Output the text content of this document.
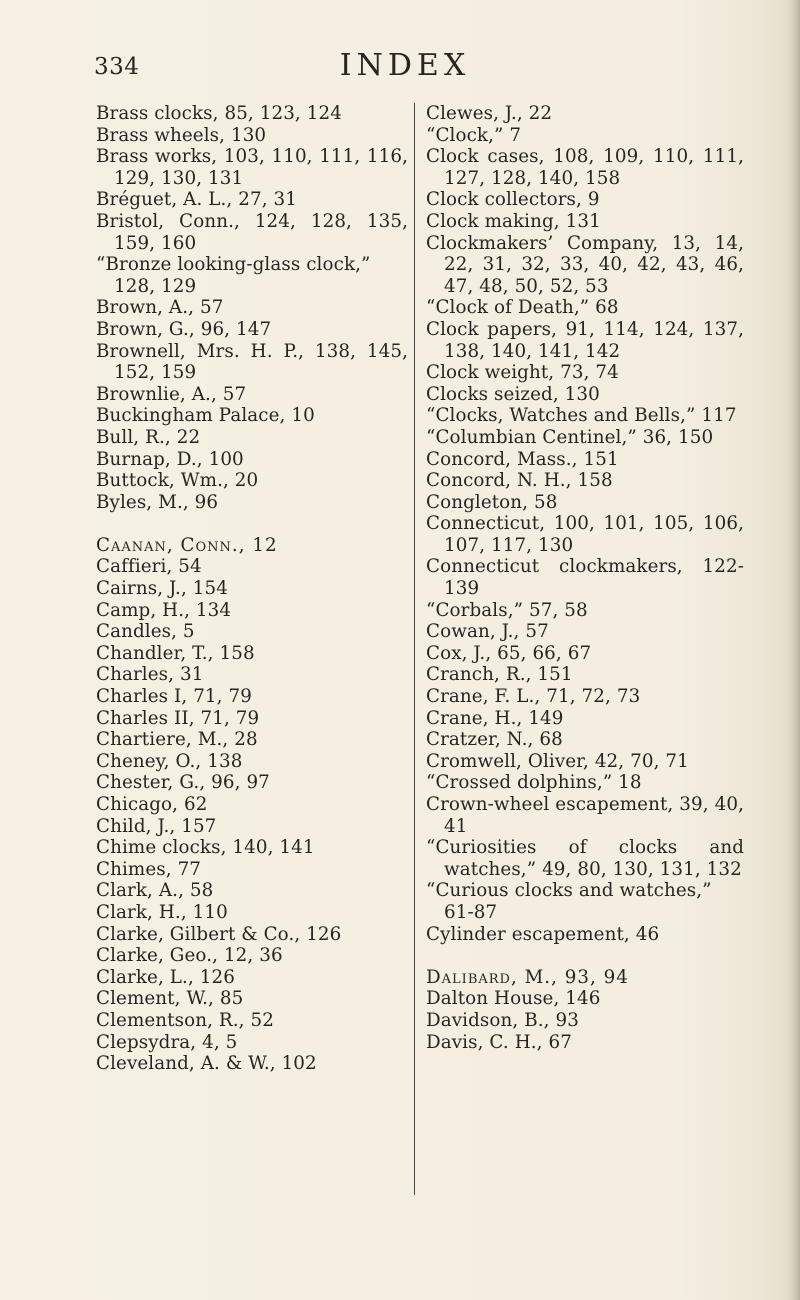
334	INDEX
Brass clocks, 85, 123, 124
Brass wheels, 130
Brass works, 103, 110, 111, 116, 129, 130, 131
Bréguet, A. L., 27, 31
Bristol, Conn., 124, 128, 135, 159, 160
“Bronze looking-glass clock,” 128, 129
Brown, A., 57
Brown, G., 96, 147
Brownell, Mrs. H. P., 138, 145, 152, 159
Brownlie, A., 57
Buckingham Palace, 10
Bull, R., 22
Burnap, D., 100
Buttock, Wm., 20
Byles, M., 96
Caanan, Conn., 12
Caffieri, 54
Cairns, J., 154
Camp, H., 134
Candles, 5
Chandler, T., 158
Charles, 31
Charles I, 71, 79
Charles II, 71, 79
Chartiere, M., 28
Cheney, O., 138
Chester, G., 96, 97
Chicago, 62
Child, J., 157
Chime clocks, 140, 141
Chimes, 77
Clark, A., 58
Clark, H., 110
Clarke, Gilbert & Co., 126
Clarke, Geo., 12, 36
Clarke, L., 126
Clement, W., 85
Clementson, R., 52
Clepsydra, 4, 5
Cleveland, A. & W., 102
Clewes, J., 22
“Clock,” 7
Clock cases, 108, 109, 110, 111, 127, 128, 140, 158
Clock collectors, 9
Clock making, 131
Clockmakers’ Company, 13, 14, 22, 31, 32, 33, 40, 42, 43, 46, 47, 48, 50, 52, 53
“Clock of Death,” 68
Clock papers, 91, 114, 124, 137, 138, 140, 141, 142
Clock weight, 73, 74
Clocks seized, 130
“Clocks, Watches and Bells,” 117
“Columbian Centinel,” 36, 150
Concord, Mass., 151
Concord, N. H., 158
Congleton, 58
Connecticut, 100, 101, 105, 106, 107, 117, 130
Connecticut clockmakers, 122-139
“Corbals,” 57, 58
Cowan, J., 57
Cox, J., 65, 66, 67
Cranch, R., 151
Crane, F. L., 71, 72, 73
Crane, H., 149
Cratzer, N., 68
Cromwell, Oliver, 42, 70, 71
“Crossed dolphins,” 18
Crown-wheel escapement, 39, 40, 41
“Curiosities of clocks and watches,” 49, 80, 130, 131, 132
“Curious clocks and watches,” 61-87
Cylinder escapement, 46
Dalibard, M., 93, 94
Dalton House, 146
Davidson, B., 93
Davis, C. H., 67
